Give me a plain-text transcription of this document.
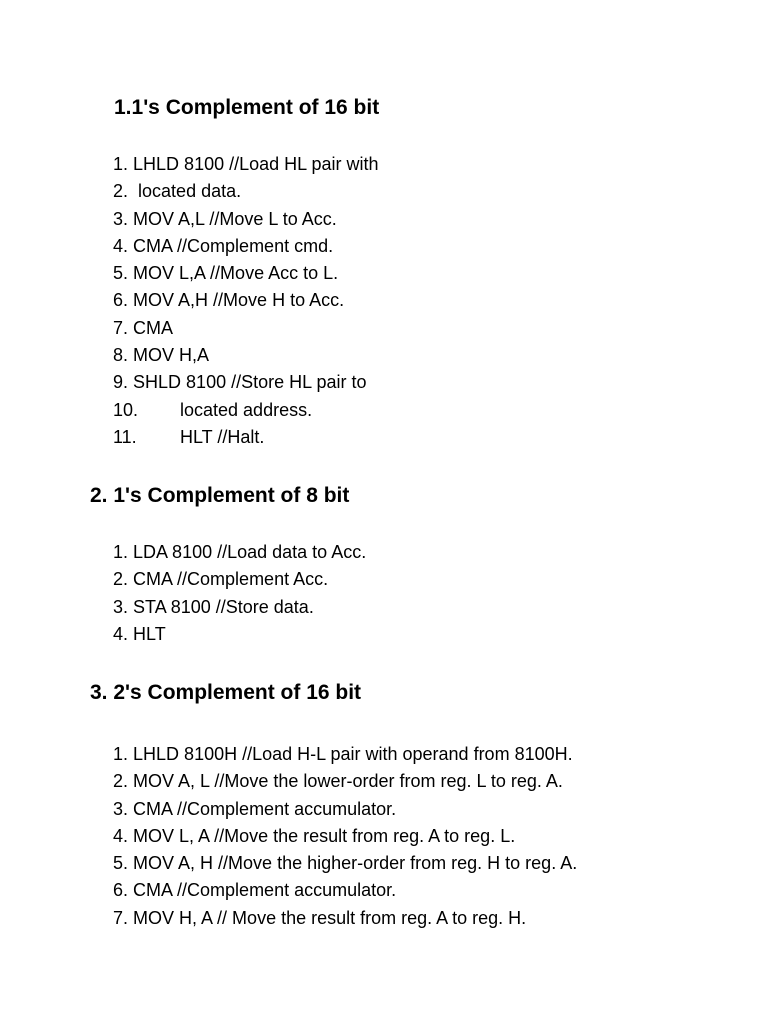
1.1's Complement of 16 bit
1. LHLD 8100 //Load HL pair with
2.  located data.
3. MOV A,L //Move L to Acc.
4. CMA //Complement cmd.
5. MOV L,A //Move Acc to L.
6. MOV A,H //Move H to Acc.
7. CMA
8. MOV H,A
9. SHLD 8100 //Store HL pair to
10. located address.
11. HLT //Halt.
2. 1's Complement of 8 bit
1. LDA 8100 //Load data to Acc.
2. CMA //Complement Acc.
3. STA 8100 //Store data.
4. HLT
3. 2's Complement of 16 bit
1. LHLD 8100H //Load H-L pair with operand from 8100H.
2. MOV A, L //Move the lower-order from reg. L to reg. A.
3. CMA //Complement accumulator.
4. MOV L, A //Move the result from reg. A to reg. L.
5. MOV A, H //Move the higher-order from reg. H to reg. A.
6. CMA //Complement accumulator.
7. MOV H, A // Move the result from reg. A to reg. H.
